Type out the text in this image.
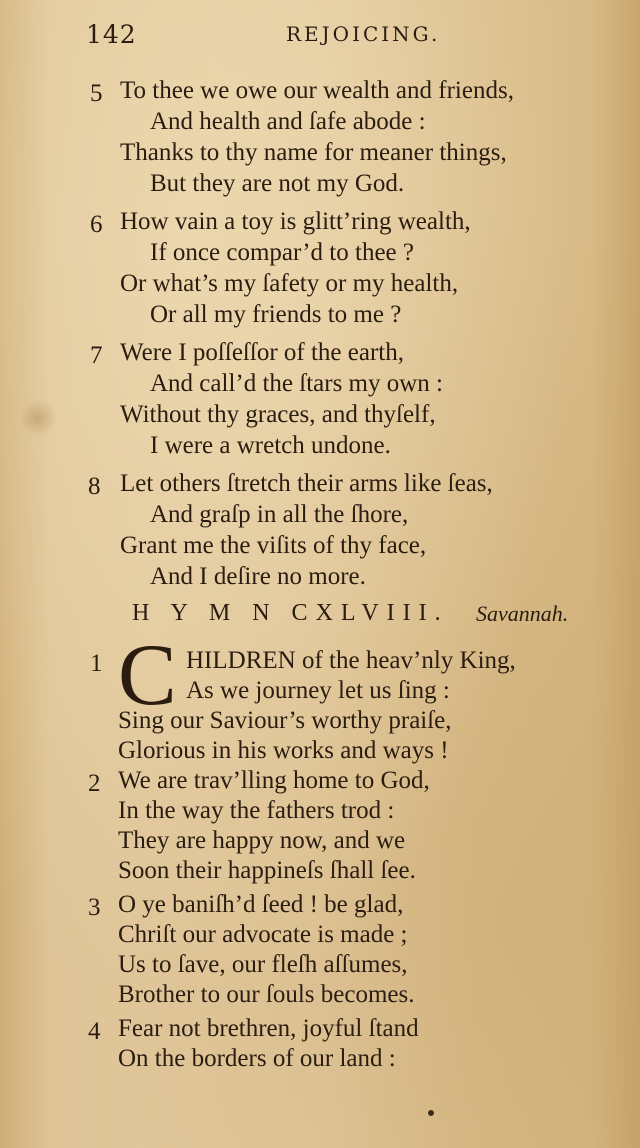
142	REJOICING.
5 To thee we owe our wealth and friends,
And health and ſafe abode :
Thanks to thy name for meaner things,
But they are not my God.
6 How vain a toy is glitt’ring wealth,
If once compar’d to thee ?
Or what’s my ſafety or my health,
Or all my friends to me ?
7 Were I poſſeſſor of the earth,
And call’d the ſtars my own :
Without thy graces, and thyſelf,
I were a wretch undone.
8 Let others ſtretch their arms like ſeas,
And graſp in all the ſhore,
Grant me the viſits of thy face,
And I deſire no more.
H Y M N CXLVIII. Savannah.
1 C HILDREN of the heav’nly King,
As we journey let us ſing :
Sing our Saviour’s worthy praiſe,
Glorious in his works and ways !
2 We are trav’lling home to God,
In the way the fathers trod :
They are happy now, and we
Soon their happineſs ſhall ſee.
3 O ye baniſh’d ſeed ! be glad,
Chriſt our advocate is made ;
Us to ſave, our fleſh aſſumes,
Brother to our ſouls becomes.
4 Fear not brethren, joyful ſtand
On the borders of our land :
